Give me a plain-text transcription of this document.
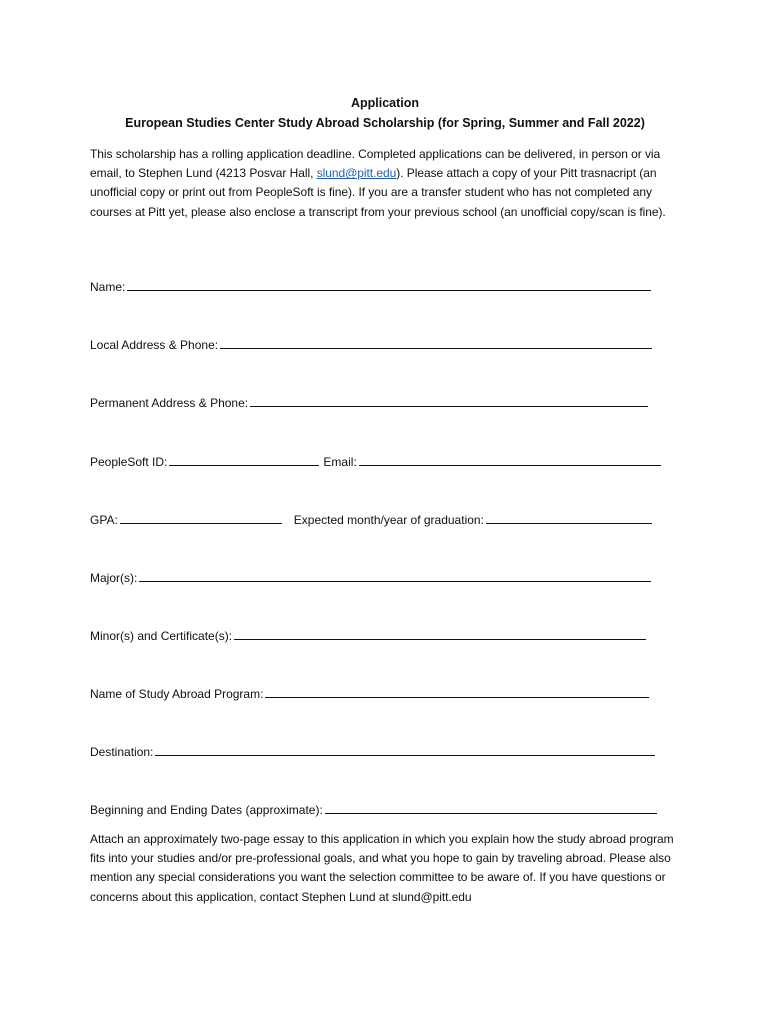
Application
European Studies Center Study Abroad Scholarship (for Spring, Summer and Fall 2022)
This scholarship has a rolling application deadline. Completed applications can be delivered, in person or via email, to Stephen Lund (4213 Posvar Hall, slund@pitt.edu). Please attach a copy of your Pitt trasnacript (an unofficial copy or print out from PeopleSoft is fine). If you are a transfer student who has not completed any courses at Pitt yet, please also enclose a transcript from your previous school (an unofficial copy/scan is fine).
Name:
Local Address & Phone:
Permanent Address & Phone:
PeopleSoft ID:	Email:
GPA:	Expected month/year of graduation:
Major(s):
Minor(s) and Certificate(s):
Name of Study Abroad Program:
Destination:
Beginning and Ending Dates (approximate):
Attach an approximately two-page essay to this application in which you explain how the study abroad program fits into your studies and/or pre-professional goals, and what you hope to gain by traveling abroad. Please also mention any special considerations you want the selection committee to be aware of. If you have questions or concerns about this application, contact Stephen Lund at slund@pitt.edu
